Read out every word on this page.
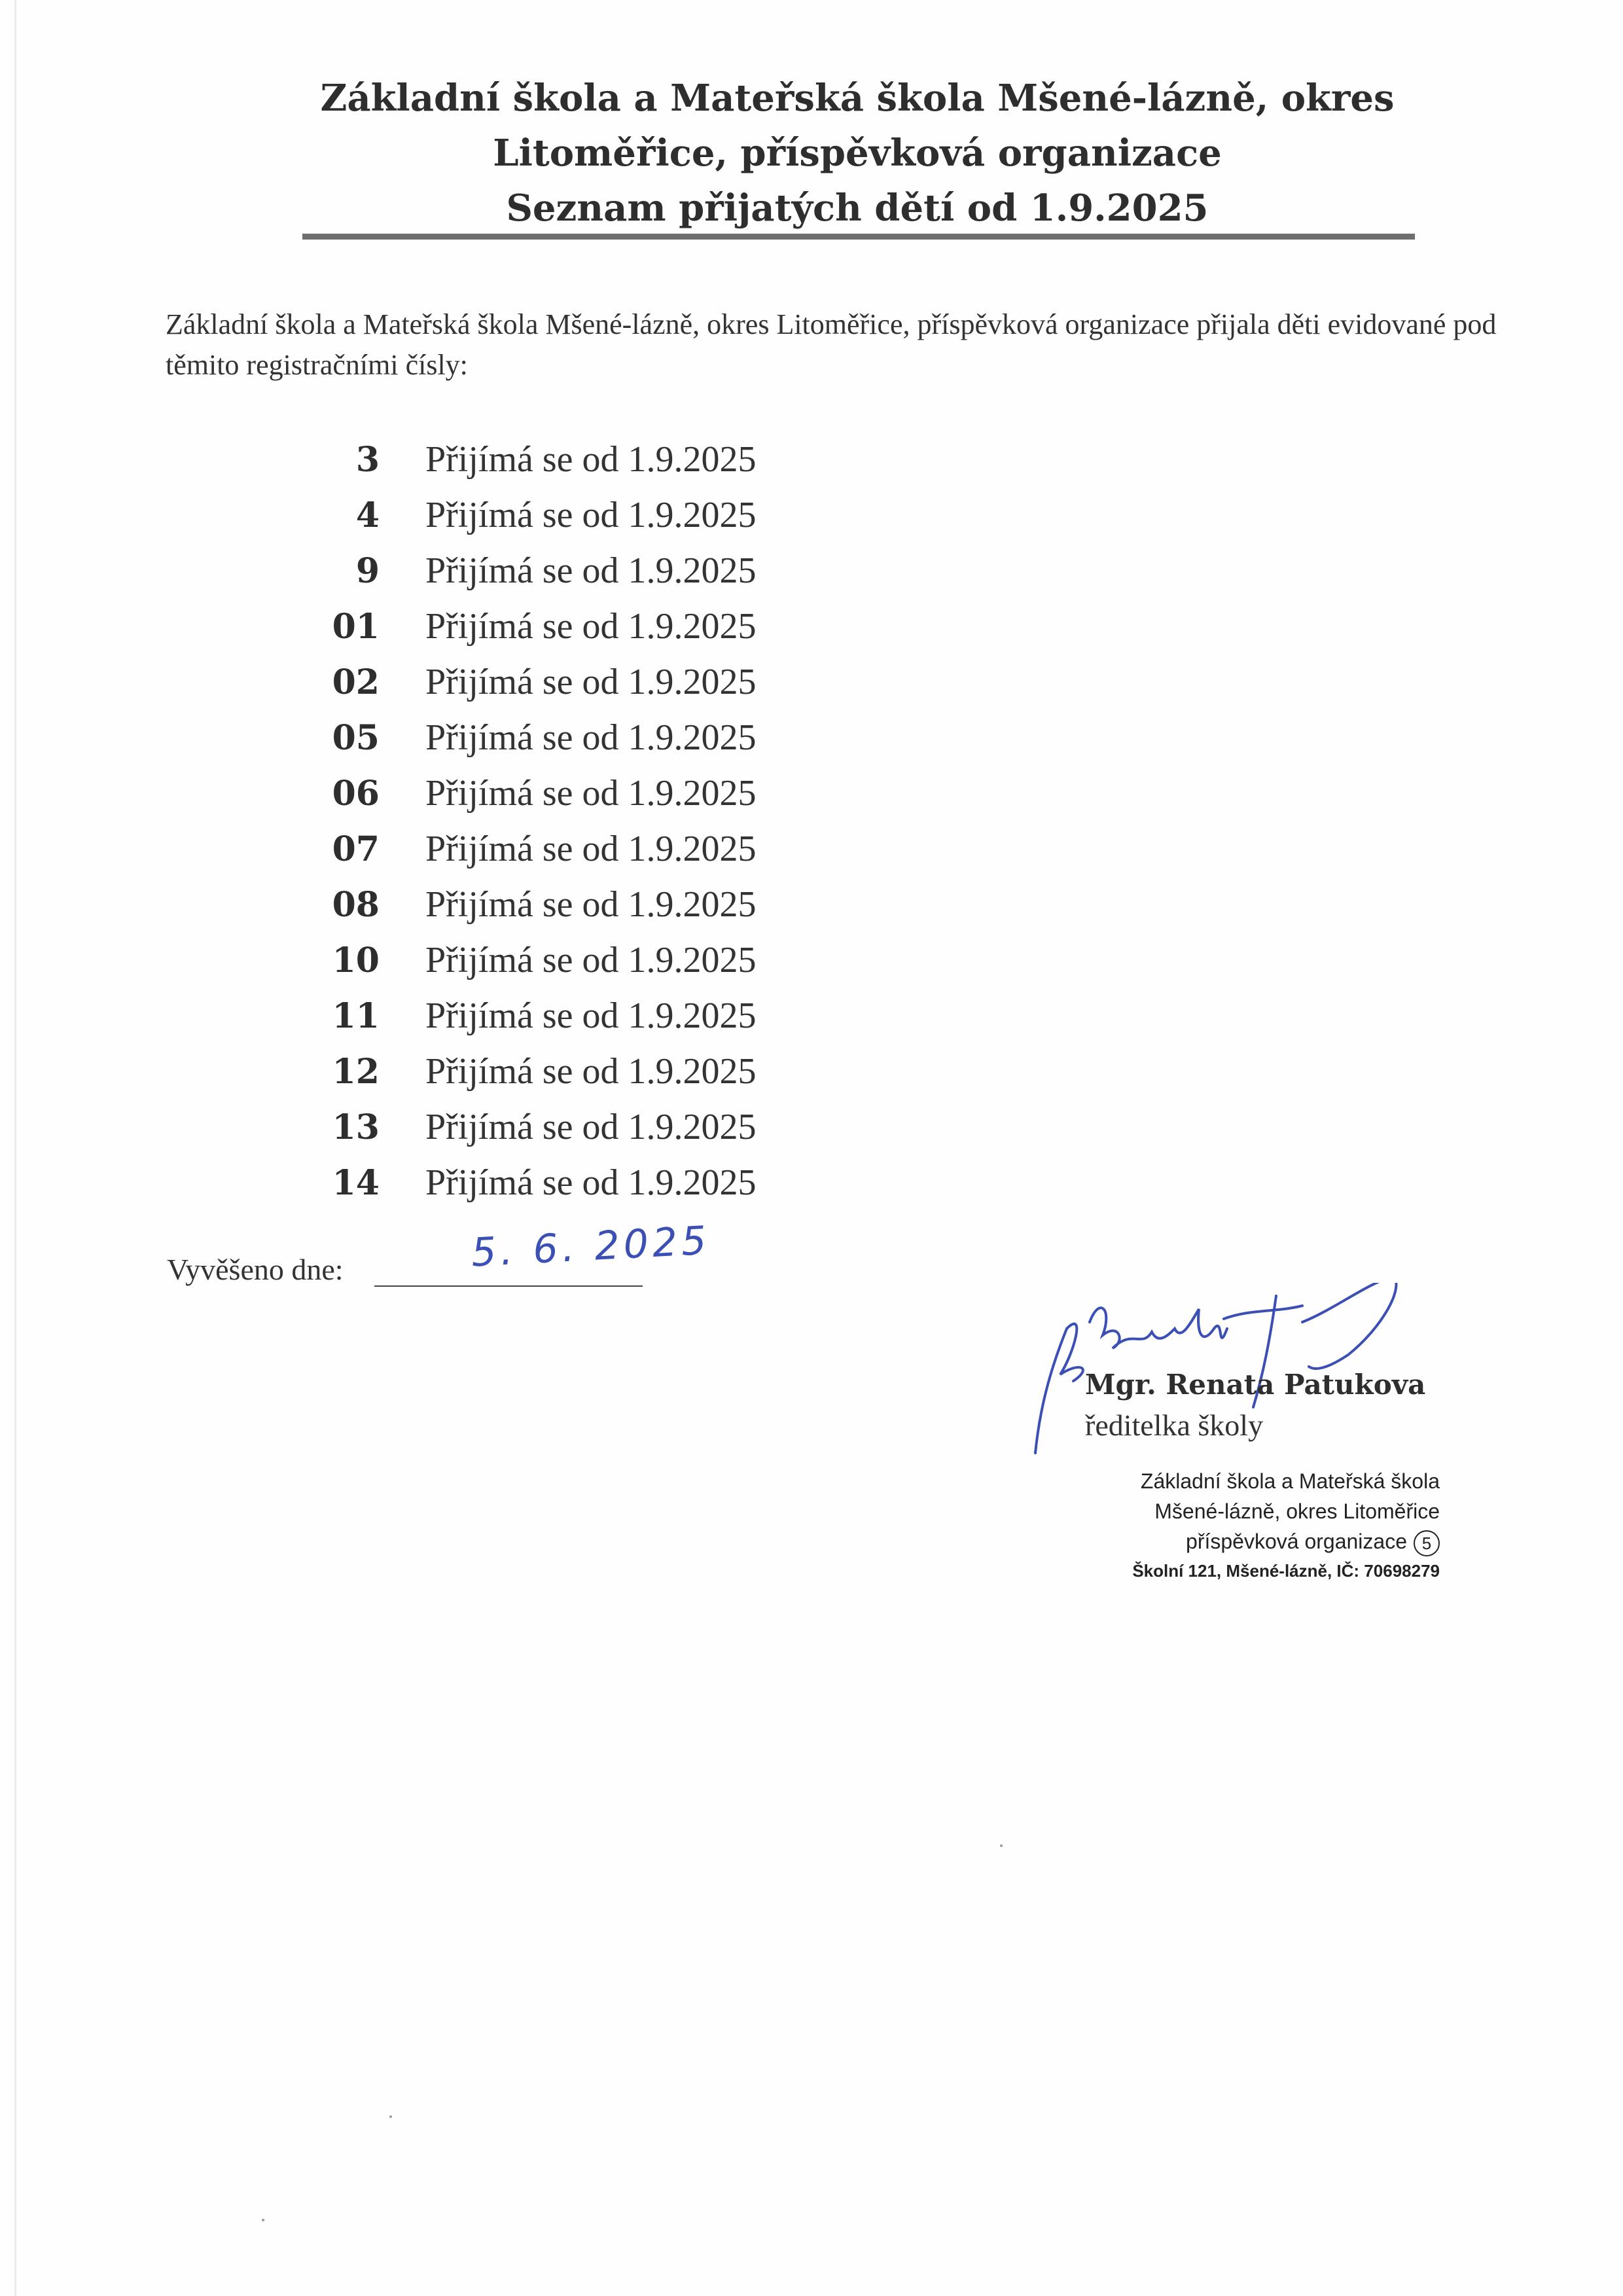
Základní škola a Mateřská škola Mšené-lázně, okres
Litoměřice, příspěvková organizace
Seznam přijatých dětí od 1.9.2025
Základní škola a Mateřská škola Mšené-lázně, okres Litoměřice, příspěvková organizace přijala děti evidované pod těmito registračními čísly:
3 Přijímá se od 1.9.2025
4 Přijímá se od 1.9.2025
9 Přijímá se od 1.9.2025
01 Přijímá se od 1.9.2025
02 Přijímá se od 1.9.2025
05 Přijímá se od 1.9.2025
06 Přijímá se od 1.9.2025
07 Přijímá se od 1.9.2025
08 Přijímá se od 1.9.2025
10 Přijímá se od 1.9.2025
11 Přijímá se od 1.9.2025
12 Přijímá se od 1.9.2025
13 Přijímá se od 1.9.2025
14 Přijímá se od 1.9.2025
Vyvěšeno dne:	5. 6. 2025
Mgr. Renata Patukova
ředitelka školy
Základní škola a Mateřská škola
Mšené-lázně, okres Litoměřice
příspěvková organizace 5
Školní 121, Mšené-lázně, IČ: 70698279
